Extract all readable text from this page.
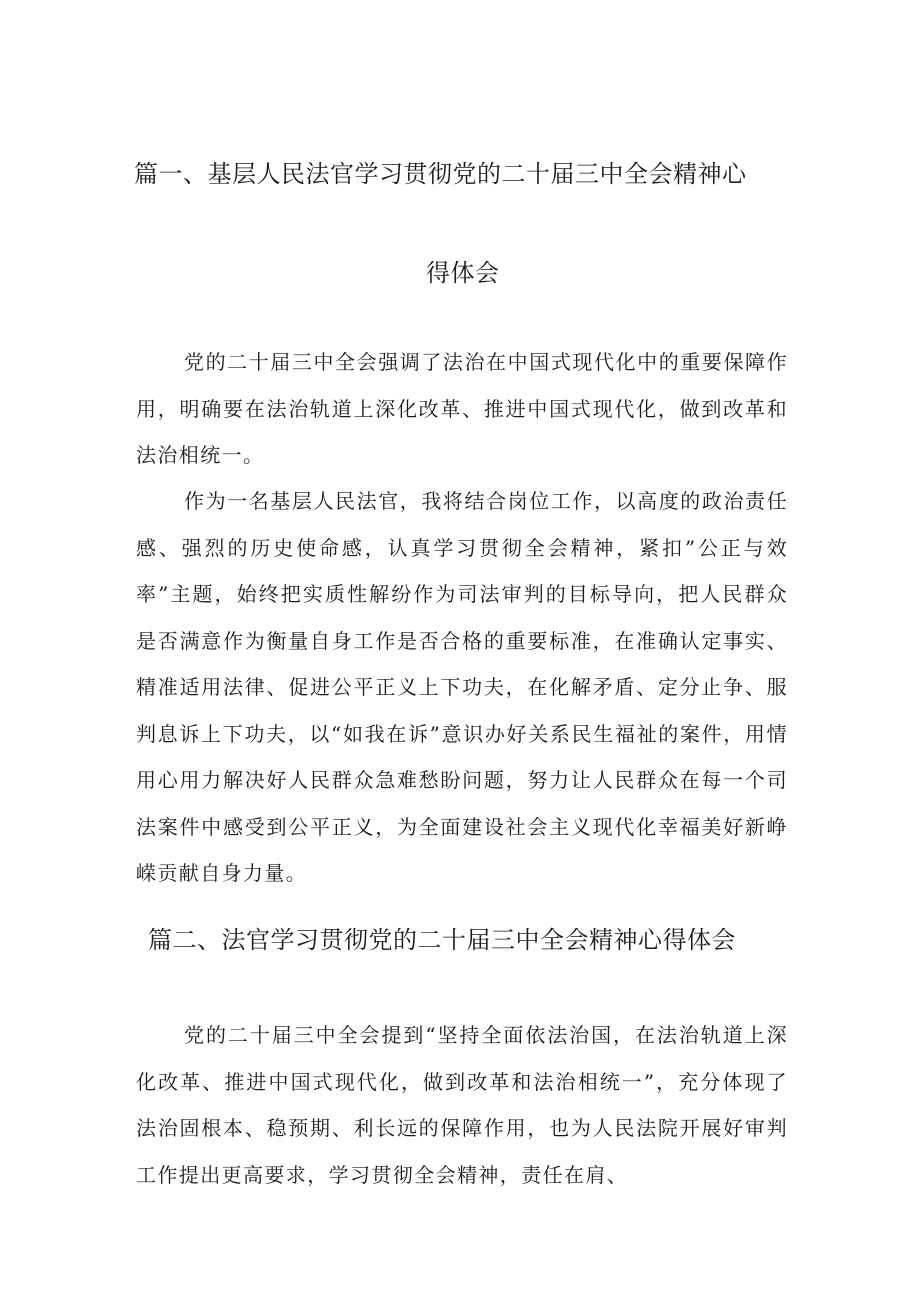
篇一、基层人民法官学习贯彻党的二十届三中全会精神心
得体会

党的二十届三中全会强调了法治在中国式现代化中的重要保障作用，明确要在法治轨道上深化改革、推进中国式现代化，做到改革和法治相统一。

作为一名基层人民法官，我将结合岗位工作，以高度的政治责任感、强烈的历史使命感，认真学习贯彻全会精神，紧扣”公正与效率”主题，始终把实质性解纷作为司法审判的目标导向，把人民群众是否满意作为衡量自身工作是否合格的重要标准，在准确认定事实、精准适用法律、促进公平正义上下功夫，在化解矛盾、定分止争、服判息诉上下功夫，以“如我在诉”意识办好关系民生福祉的案件，用情用心用力解决好人民群众急难愁盼问题，努力让人民群众在每一个司法案件中感受到公平正义，为全面建设社会主义现代化幸福美好新峥嵘贡献自身力量。

篇二、法官学习贯彻党的二十届三中全会精神心得体会

党的二十届三中全会提到“坚持全面依法治国，在法治轨道上深化改革、推进中国式现代化，做到改革和法治相统一”，充分体现了法治固根本、稳预期、利长远的保障作用，也为人民法院开展好审判工作提出更高要求，学习贯彻全会精神，责任在肩、
